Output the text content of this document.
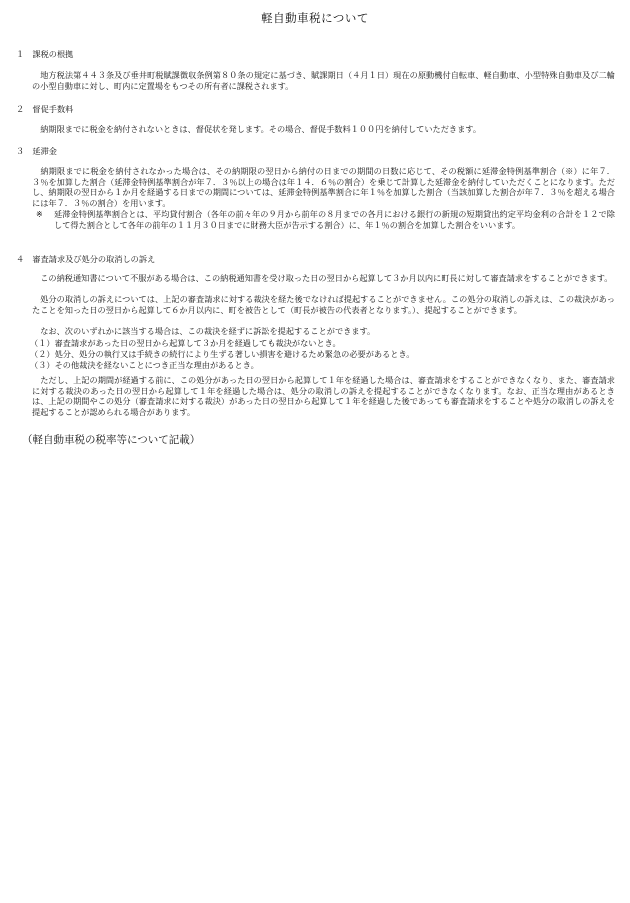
軽自動車税について
１　課税の根拠
　地方税法第４４３条及び垂井町税賦課徴収条例第８０条の規定に基づき、賦課期日（４月１日）現在の原動機付自転車、軽自動車、小型特殊自動車及び二輪の小型自動車に対し、町内に定置場をもつその所有者に課税されます。
２　督促手数料
　納期限までに税金を納付されないときは、督促状を発します。その場合、督促手数料１００円を納付していただきます。
３　延滞金
　納期限までに税金を納付されなかった場合は、その納期限の翌日から納付の日までの期間の日数に応じて、その税額に延滞金特例基準割合（※）に年７．３％を加算した割合（延滞金特例基準割合が年７．３％以上の場合は年１４．６％の割合）を乗じて計算した延滞金を納付していただくことになります。ただし、納期限の翌日から１か月を経過する日までの期間については、延滞金特例基準割合に年１％を加算した割合（当該加算した割合が年７．３％を超える場合には年７．３％の割合）を用います。
※	延滞金特例基準割合とは、平均貸付割合（各年の前々年の９月から前年の８月までの各月における銀行の新規の短期貸出約定平均金利の合計を１２で除して得た割合として各年の前年の１１月３０日までに財務大臣が告示する割合）に、年１％の割合を加算した割合をいいます。
４　審査請求及び処分の取消しの訴え
　この納税通知書について不服がある場合は、この納税通知書を受け取った日の翌日から起算して３か月以内に町長に対して審査請求をすることができます。
　処分の取消しの訴えについては、上記の審査請求に対する裁決を経た後でなければ提起することができません。この処分の取消しの訴えは、この裁決があったことを知った日の翌日から起算して６か月以内に、町を被告として（町長が被告の代表者となります。）、提起することができます。
　なお、次のいずれかに該当する場合は、この裁決を経ずに訴訟を提起することができます。
（１）審査請求があった日の翌日から起算して３か月を経過しても裁決がないとき。
（２）処分、処分の執行又は手続きの続行により生ずる著しい損害を避けるため緊急の必要があるとき。
（３）その他裁決を経ないことにつき正当な理由があるとき。
　ただし、上記の期間が経過する前に、この処分があった日の翌日から起算して１年を経過した場合は、審査請求をすることができなくなり、また、審査請求に対する裁決のあった日の翌日から起算して１年を経過した場合は、処分の取消しの訴えを提起することができなくなります。なお、正当な理由があるときは、上記の期間やこの処分（審査請求に対する裁決）があった日の翌日から起算して１年を経過した後であっても審査請求をすることや処分の取消しの訴えを提起することが認められる場合があります。
（軽自動車税の税率等について記載）
